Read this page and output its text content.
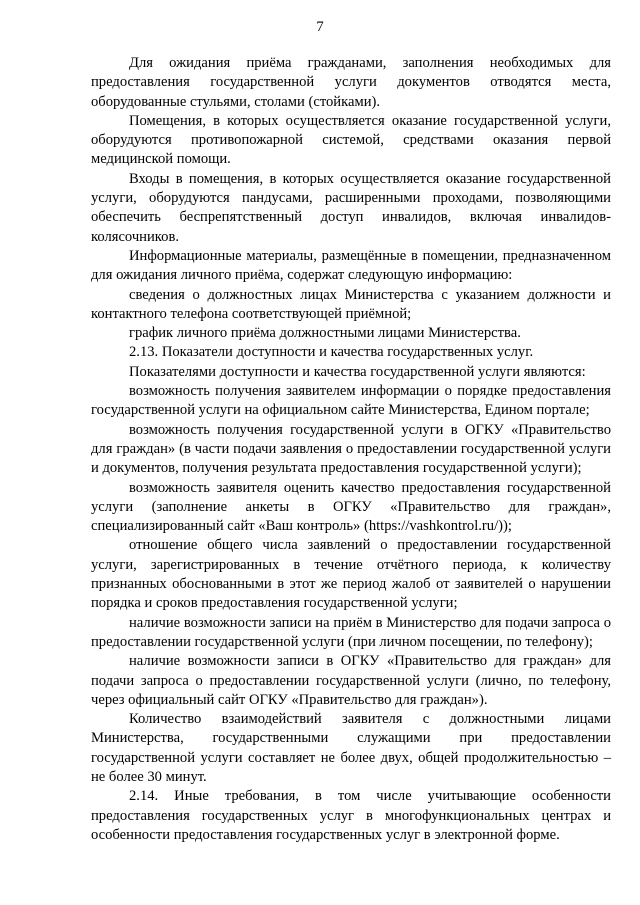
7

Для ожидания приёма гражданами, заполнения необходимых для предоставления государственной услуги документов отводятся места, оборудованные стульями, столами (стойками).

Помещения, в которых осуществляется оказание государственной услуги, оборудуются противопожарной системой, средствами оказания первой медицинской помощи.

Входы в помещения, в которых осуществляется оказание государственной услуги, оборудуются пандусами, расширенными проходами, позволяющими обеспечить беспрепятственный доступ инвалидов, включая инвалидов-колясочников.

Информационные материалы, размещённые в помещении, предназначенном для ожидания личного приёма, содержат следующую информацию:

сведения о должностных лицах Министерства с указанием должности и контактного телефона соответствующей приёмной;

график личного приёма должностными лицами Министерства.

2.13. Показатели доступности и качества государственных услуг.

Показателями доступности и качества государственной услуги являются:

возможность получения заявителем информации о порядке предоставления государственной услуги на официальном сайте Министерства, Едином портале;

возможность получения государственной услуги в ОГКУ «Правительство для граждан» (в части подачи заявления о предоставлении государственной услуги и документов, получения результата предоставления государственной услуги);

возможность заявителя оценить качество предоставления государственной услуги (заполнение анкеты в ОГКУ «Правительство для граждан», специализированный сайт «Ваш контроль» (https://vashkontrol.ru/));

отношение общего числа заявлений о предоставлении государственной услуги, зарегистрированных в течение отчётного периода, к количеству признанных обоснованными в этот же период жалоб от заявителей о нарушении порядка и сроков предоставления государственной услуги;

наличие возможности записи на приём в Министерство для подачи запроса о предоставлении государственной услуги (при личном посещении, по телефону);

наличие возможности записи в ОГКУ «Правительство для граждан» для подачи запроса о предоставлении государственной услуги (лично, по телефону, через официальный сайт ОГКУ «Правительство для граждан»).

Количество взаимодействий заявителя с должностными лицами Министерства, государственными служащими при предоставлении государственной услуги составляет не более двух, общей продолжительностью – не более 30 минут.

2.14. Иные требования, в том числе учитывающие особенности предоставления государственных услуг в многофункциональных центрах и особенности предоставления государственных услуг в электронной форме.
